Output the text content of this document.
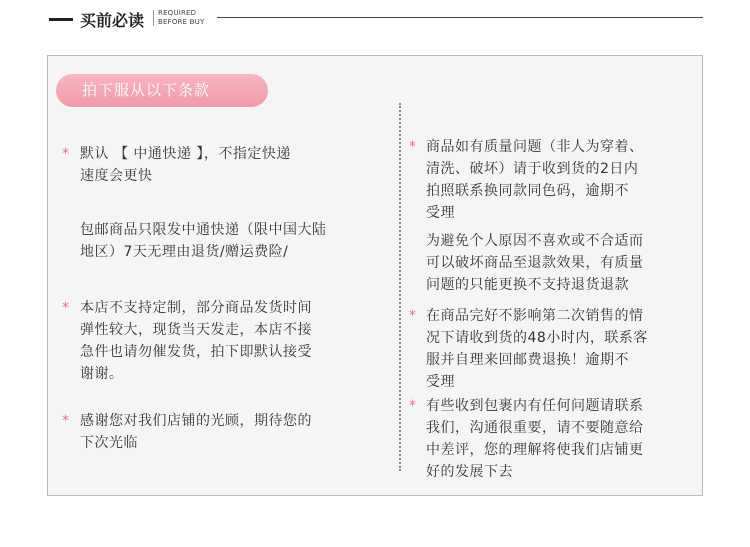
买前必读 REQUIRED
BEFORE BUY
拍下服从以下条款
* 默认 【 中通快递 】，不指定快递

速度会更快

包邮商品只限发中通快递（限中国大陆

地区）7天无理由退货/赠运费险/

* 本店不支持定制，部分商品发货时间

弹性较大，现货当天发走，本店不接

急件也请勿催发货，拍下即默认接受

谢谢。

* 感谢您对我们店铺的光顾，期待您的

下次光临

* 商品如有质量问题（非人为穿着、

清洗、破坏）请于收到货的2日内

拍照联系换同款同色码，逾期不

受理

为避免个人原因不喜欢或不合适而

可以破坏商品至退款效果，有质量

问题的只能更换不支持退货退款

* 在商品完好不影响第二次销售的情

况下请收到货的48小时内，联系客

服并自理来回邮费退换！逾期不

受理

* 有些收到包裹内有任何问题请联系

我们，沟通很重要，请不要随意给

中差评，您的理解将使我们店铺更

好的发展下去
